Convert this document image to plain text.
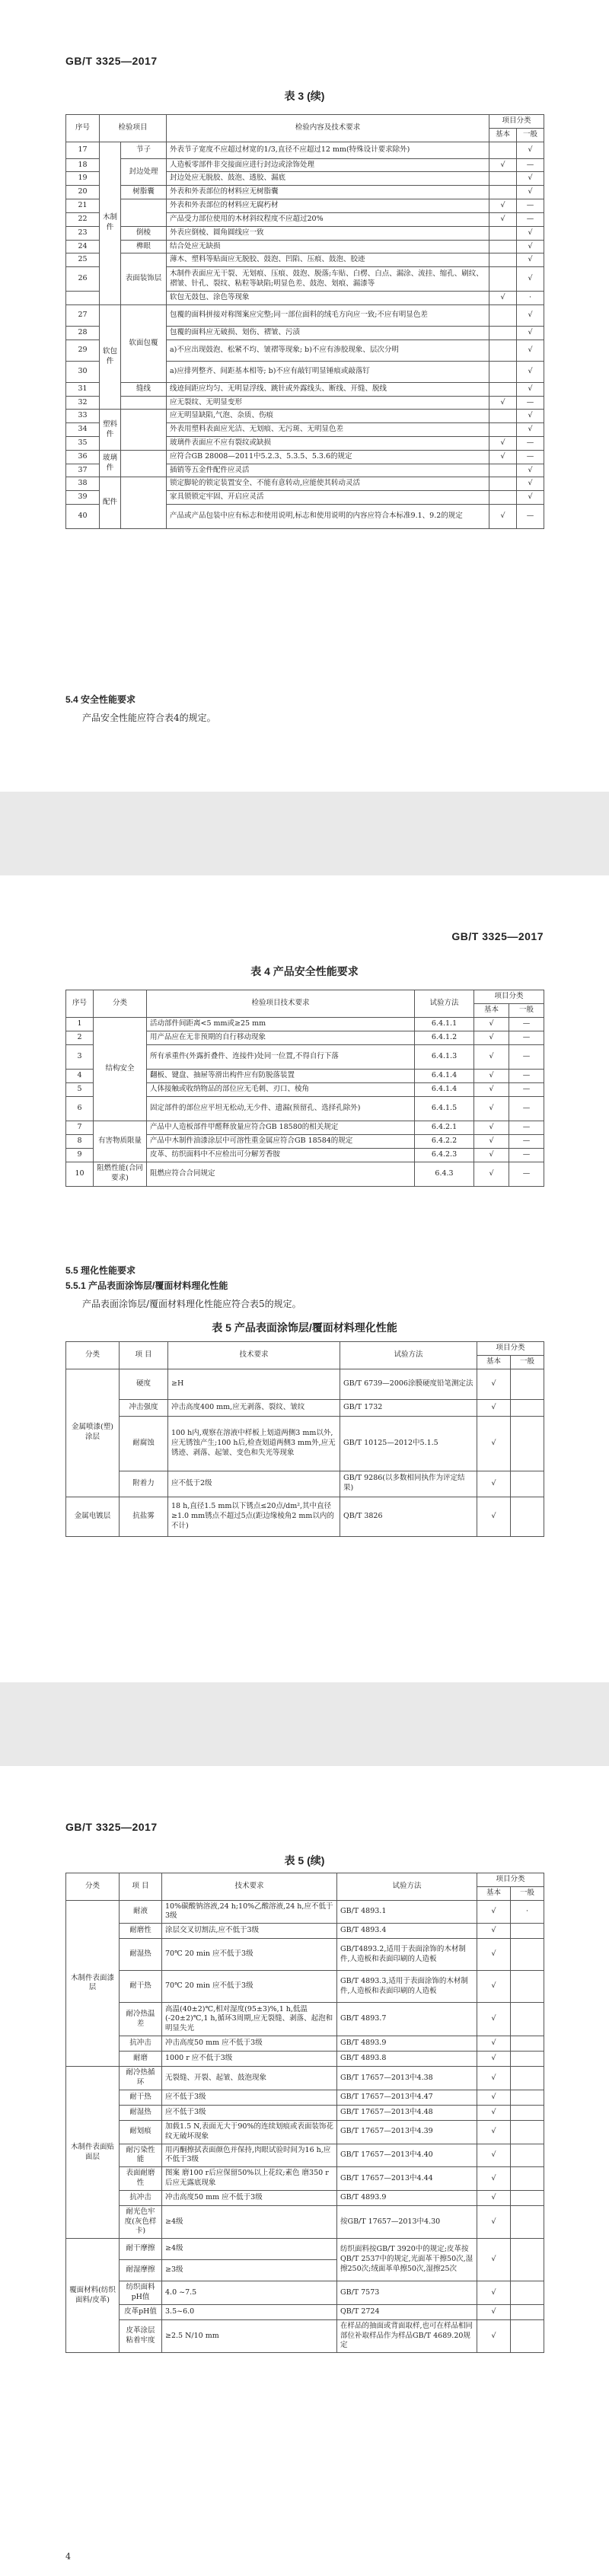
GB/T 3325—2017
表 3 (续)
序号	检验项目		检验内容及技术要求	项目分类	
				基本	一般
17	木制件	节子	外表节子宽度不应超过材宽的1/3,直径不应超过12 mm(特殊设计要求除外)		√
18		封边处理	人造板零部件非交接面应进行封边或涂饰处理	√	—
19			封边处应无脱胶、鼓泡、透胶、漏底		√
20		树脂囊	外表和外表部位的材料应无树脂囊		√
21			外表和外表部位的材料应无腐朽材	√	—
22			产品受力部位使用的木材斜纹程度不应超过20%	√	—
23		倒棱	外表应倒棱、圆角圆线应一致		√
24		榫眼	结合处应无缺损		√
25		表面装饰层	薄木、塑料等贴面应无脱胶、鼓泡、凹陷、压痕、鼓泡、胶迹		√
26			木制件表面应无干裂、无划痕、压痕、鼓泡、脱落;车贴、白楞、白点、漏涂、流挂、缩孔、刷纹、褶皱、针孔、裂纹、粘粒等缺陷;明显色差、鼓泡、划痕、漏漆等		√
			软包无鼓包、涂色等现象	√	·
27	软包件	软面包覆	包覆的面料拼接对称图案应完整;同一部位面料的绒毛方向应一致;不应有明显色差		√
28			包覆的面料应无破损、划伤、褶皱、污渍		√
29			a)不应出现鼓泡、松紧不均、皱褶等现象; b)不应有渗胶现象、层次分明		√
30			a)应排列整齐、间距基本相等; b)不应有敲钉明显锤痕或敲落钉		√
31		缝线	线迹间距应均匀、无明显浮线、跳针或外露线头、断线、开缝、脱线		√
32			应无裂纹、无明显变形	√	—
33	塑料件		应无明显缺陷,气泡、杂质、伤痕		√
34			外表用塑料表面应光洁、无划痕、无污斑、无明显色差		√
35			玻璃件表面应不应有裂纹或缺损	√	—
36	玻璃件		应符合GB 28008—2011中5.2.3、5.3.5、5.3.6的规定	√	—
37			插销等五金件配件应灵活		√
38	配件		锁定脚轮的锁定装置安全、不能有意转动,应能使其转动灵活		√
39			家具锁锁定牢固、开启应灵活		√
40			产品或产品包装中应有标志和使用说明,标志和使用说明的内容应符合本标准9.1、9.2的规定	√	—
5.4 安全性能要求
产品安全性能应符合表4的规定。
GB/T 3325—2017
表 4 产品安全性能要求
序号	分类	检验项目技术要求	试验方法	项目分类	
				基本	一般
1	结构安全	活动部件间距离<5 mm或≥25 mm	6.4.1.1	√	—
2		用产品应在无非预期的自行移动现象	6.4.1.2	√	—
3		所有承重件(外露折叠件、连接件)处同一位置,不得自行下落	6.4.1.3	√	—
4		翻板、键盘、抽屉等滑出构件应有防脱落装置	6.4.1.4	√	—
5		人体接触或收纳物品的部位应无毛刺、刃口、棱角	6.4.1.4	√	—
6		固定部件的部位应平坦无松动,无少件、遗漏(预留孔、选择孔除外)	6.4.1.5	√	—
7	有害物质限量	产品中人造板部件甲醛释放量应符合GB 18580的相关规定	6.4.2.1	√	—
8		产品中木制件油漆涂层中可溶性重金属应符合GB 18584的规定	6.4.2.2	√	—
9		皮革、纺织面料中不应检出可分解芳香胺	6.4.2.3	√	—
10	阻燃性能(合同要求)	阻燃应符合合同规定	6.4.3	√	—
5.5 理化性能要求
5.5.1 产品表面涂饰层/覆面材料理化性能
产品表面涂饰层/覆面材料理化性能应符合表5的规定。
表 5 产品表面涂饰层/覆面材料理化性能
分类	项 目	技术要求	试验方法	项目分类	
				基本	一般
金属喷漆(塑)涂层	硬度	≥H	GB/T 6739—2006涂膜硬度铅笔测定法	√	
	冲击强度	冲击高度400 mm,应无剥落、裂纹、皱纹	GB/T 1732	√	
	耐腐蚀	100 h内,观察在溶液中样板上划道两侧3 mm以外,应无锈蚀产生;100 h后,检查划道两侧3 mm外,应无锈迹、剥落、起皱、变色和失光等现象	GB/T 10125—2012中5.1.5	√	
	附着力	应不低于2级	GB/T 9286(以多数相同执作为评定结果)	√	
金属电镀层	抗盐雾	18 h,直径1.5 mm以下锈点≤20点/dm²,其中直径≥1.0 mm锈点不超过5点(距边缘棱角2 mm以内的不计)	QB/T 3826	√	
GB/T 3325—2017
表 5 (续)
分类	项 目	技术要求	试验方法	项目分类	
				基本	一般
木制件表面漆层	耐液	10%碳酸钠溶液,24 h;10%乙酸溶液,24 h,应不低于3级	GB/T 4893.1	√	·
	耐磨性	涂层交叉切割法,应不低于3级	GB/T 4893.4	√	
	耐湿热	70℃ 20 min 应不低于3级	GB/T4893.2,适用于表面涂饰的木材制件,人造板和表面印刷的人造板	√	
	耐干热	70℃ 20 min 应不低于3级	GB/T 4893.3,适用于表面涂饰的木材制件,人造板和表面印刷的人造板	√	
	耐冷热温差	高温(40±2)℃,相对湿度(95±3)%,1 h,低温(-20±2)℃,1 h,循环3周期,应无裂缝、剥落、起泡和明显失光	GB/T 4893.7	√	
	抗冲击	冲击高度50 mm 应不低于3级	GB/T 4893.9	√	
	耐磨	1000 r 应不低于3级	GB/T 4893.8	√	
木制件表面贴面层	耐冷热循环	无裂缝、开裂、起皱、鼓泡现象	GB/T 17657—2013中4.38	√	
	耐干热	应不低于3级	GB/T 17657—2013中4.47	√	
	耐湿热	应不低于3级	GB/T 17657—2013中4.48	√	
	耐划痕	加载1.5 N,表面无大于90%的连续划痕或表面装饰花纹无破坏现象	GB/T 17657—2013中4.39	√	
	耐污染性能	用丙酮擦拭表面颜色并保持,肉眼试验时间为16 h,应不低于3级	GB/T 17657—2013中4.40	√	
	表面耐磨性	图案 磨100 r后应保留50%以上花纹;素色 磨350 r后应无露底现象	GB/T 17657—2013中4.44	√	
	抗冲击	冲击高度50 mm 应不低于3级	GB/T 4893.9	√	
	耐光色牢度(灰色样卡)	≥4级	按GB/T 17657—2013中4.30	√	
覆面材料(纺织面料/皮革)	耐干摩擦	≥4级	纺织面料按GB/T 3920中的规定;皮革按QB/T 2537中的规定,光面革干擦50次,湿擦250次;绒面革单擦50次,湿擦25次	√	
	耐湿摩擦	≥3级			
	纺织面料pH值	4.0 ~7.5	GB/T 7573	√	
	皮革pH值	3.5~6.0	QB/T 2724	√	
	皮革涂层粘着牢度	≥2.5 N/10 mm	在样品的抽面或背面取样,也可在样品相同部位补取样品作为样品GB/T 4689.20规定	√	
4
